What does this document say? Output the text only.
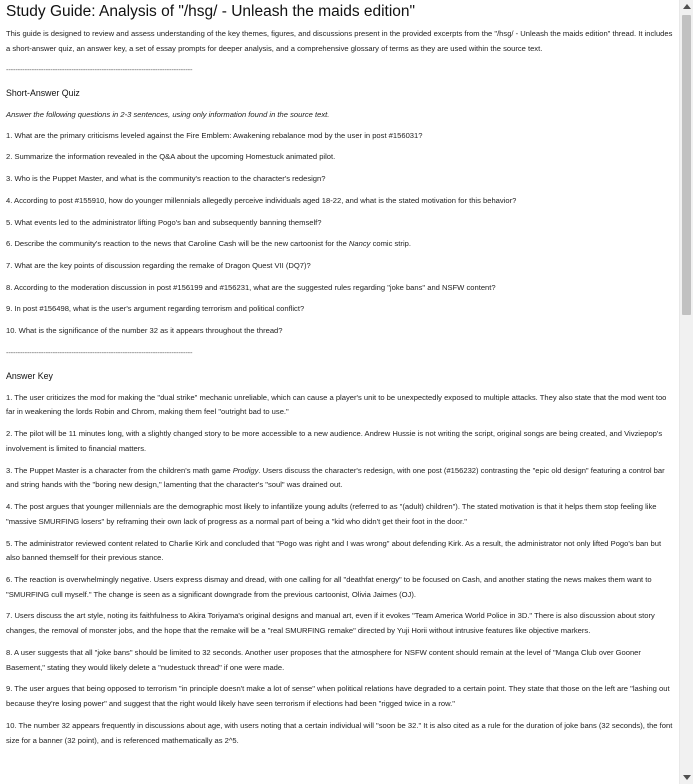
Study Guide: Analysis of "/hsg/ - Unleash the maids edition"

This guide is designed to review and assess understanding of the key themes, figures, and discussions present in the provided excerpts from the "/hsg/ - Unleash the maids edition" thread. It includes a short-answer quiz, an answer key, a set of essay prompts for deeper analysis, and a comprehensive glossary of terms as they are used within the source text.

--------------------------------------------------------------------------------

Short-Answer Quiz

Answer the following questions in 2-3 sentences, using only information found in the source text.

1. What are the primary criticisms leveled against the Fire Emblem: Awakening rebalance mod by the user in post #156031?

2. Summarize the information revealed in the Q&A about the upcoming Homestuck animated pilot.

3. Who is the Puppet Master, and what is the community's reaction to the character's redesign?

4. According to post #155910, how do younger millennials allegedly perceive individuals aged 18-22, and what is the stated motivation for this behavior?

5. What events led to the administrator lifting Pogo's ban and subsequently banning themself?

6. Describe the community's reaction to the news that Caroline Cash will be the new cartoonist for the Nancy comic strip.

7. What are the key points of discussion regarding the remake of Dragon Quest VII (DQ7)?

8. According to the moderation discussion in post #156199 and #156231, what are the suggested rules regarding "joke bans" and NSFW content?

9. In post #156498, what is the user's argument regarding terrorism and political conflict?

10. What is the significance of the number 32 as it appears throughout the thread?

--------------------------------------------------------------------------------

Answer Key

1. The user criticizes the mod for making the "dual strike" mechanic unreliable, which can cause a player's unit to be unexpectedly exposed to multiple attacks. They also state that the mod went too far in weakening the lords Robin and Chrom, making them feel "outright bad to use."

2. The pilot will be 11 minutes long, with a slightly changed story to be more accessible to a new audience. Andrew Hussie is not writing the script, original songs are being created, and Vivziepop's involvement is limited to financial matters.

3. The Puppet Master is a character from the children's math game Prodigy. Users discuss the character's redesign, with one post (#156232) contrasting the "epic old design" featuring a control bar and string hands with the "boring new design," lamenting that the character's "soul" was drained out.

4. The post argues that younger millennials are the demographic most likely to infantilize young adults (referred to as "(adult) children"). The stated motivation is that it helps them stop feeling like "massive SMURFING losers" by reframing their own lack of progress as a normal part of being a "kid who didn't get their foot in the door."

5. The administrator reviewed content related to Charlie Kirk and concluded that "Pogo was right and I was wrong" about defending Kirk. As a result, the administrator not only lifted Pogo's ban but also banned themself for their previous stance.

6. The reaction is overwhelmingly negative. Users express dismay and dread, with one calling for all "deathfat energy" to be focused on Cash, and another stating the news makes them want to "SMURFING cull myself." The change is seen as a significant downgrade from the previous cartoonist, Olivia Jaimes (OJ).

7. Users discuss the art style, noting its faithfulness to Akira Toriyama's original designs and manual art, even if it evokes "Team America World Police in 3D." There is also discussion about story changes, the removal of monster jobs, and the hope that the remake will be a "real SMURFING remake" directed by Yuji Horii without intrusive features like objective markers.

8. A user suggests that all "joke bans" should be limited to 32 seconds. Another user proposes that the atmosphere for NSFW content should remain at the level of "Manga Club over Gooner Basement," stating they would likely delete a "nudestuck thread" if one were made.

9. The user argues that being opposed to terrorism "in principle doesn't make a lot of sense" when political relations have degraded to a certain point. They state that those on the left are "lashing out because they're losing power" and suggest that the right would likely have seen terrorism if elections had been "rigged twice in a row."

10. The number 32 appears frequently in discussions about age, with users noting that a certain individual will "soon be 32." It is also cited as a rule for the duration of joke bans (32 seconds), the font size for a banner (32 point), and is referenced mathematically as 2^5.
